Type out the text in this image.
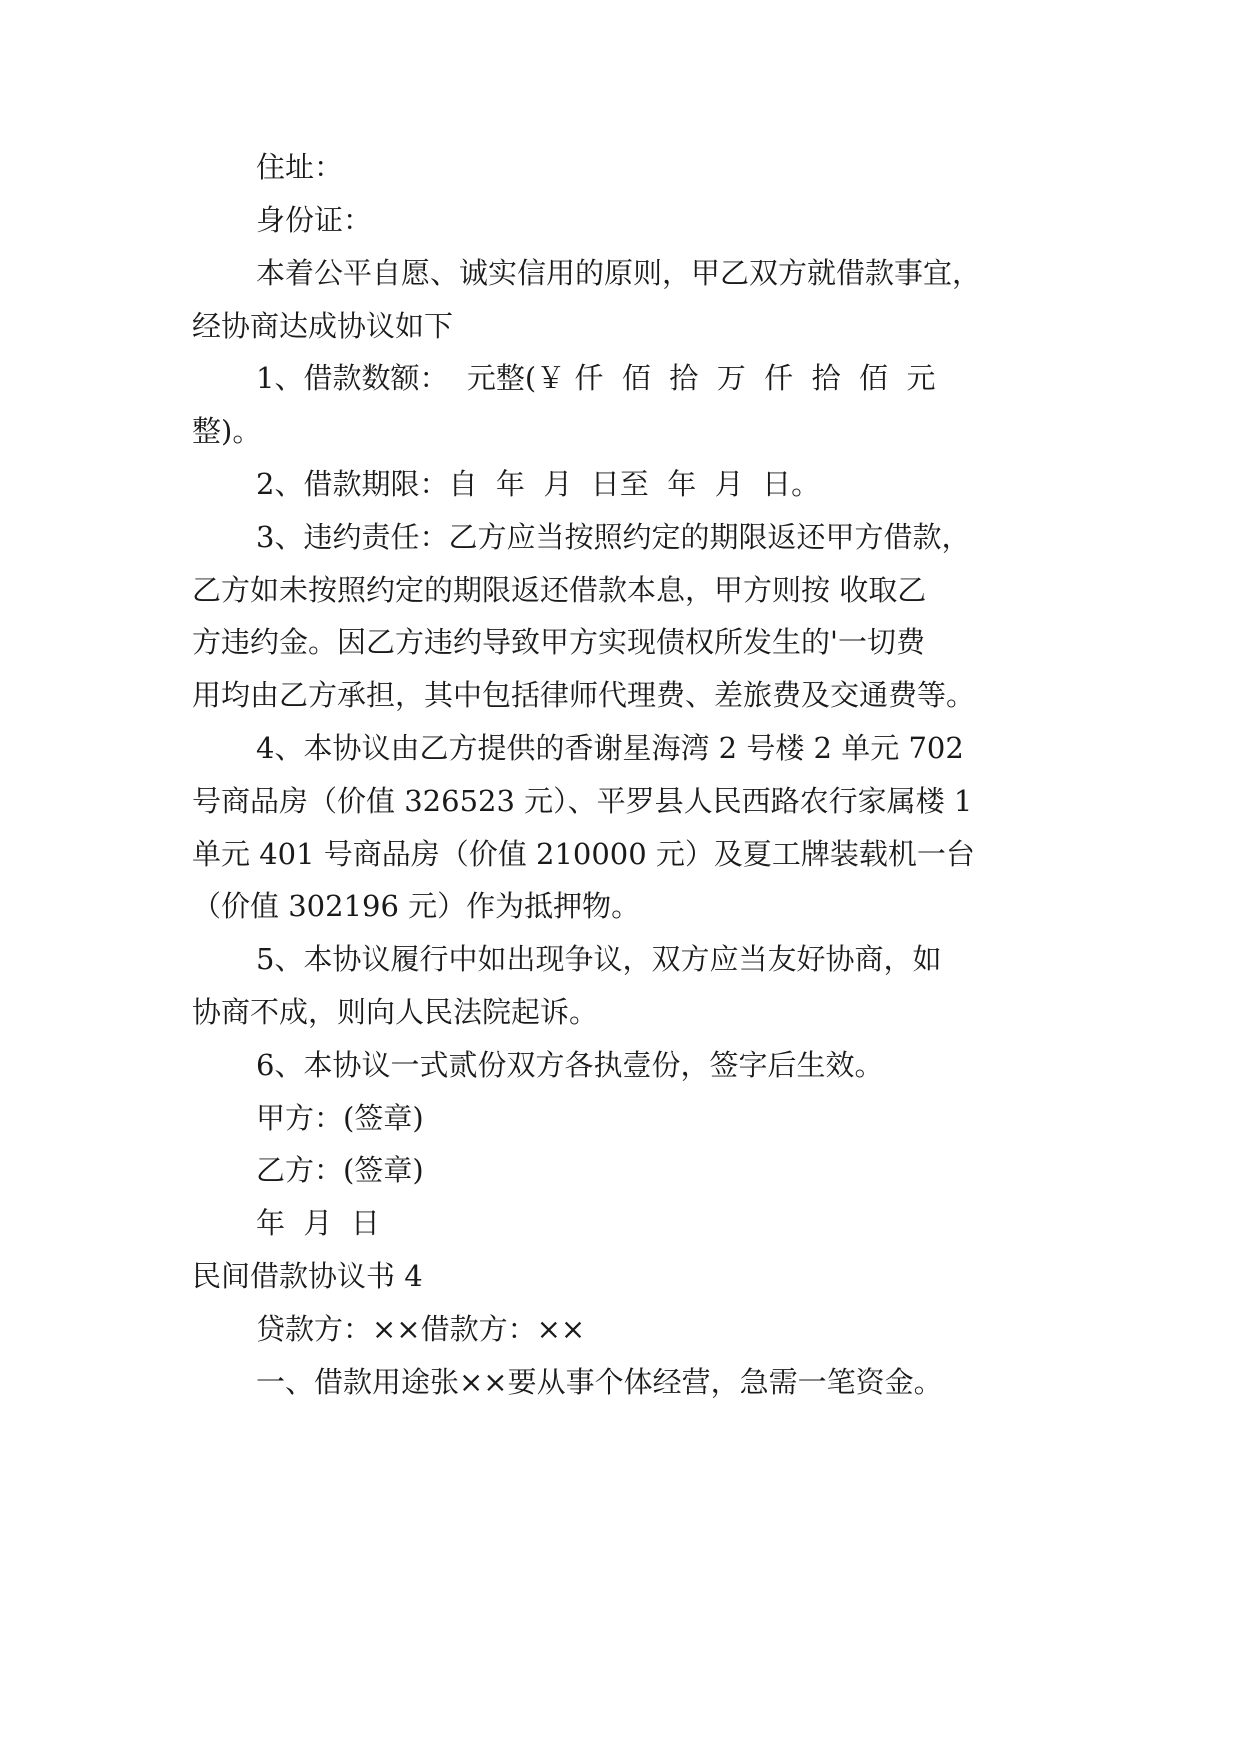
住址：
身份证：
本着公平自愿、诚实信用的原则，甲乙双方就借款事宜，
经协商达成协议如下
1、借款数额：  元整(￥ 仟  佰  拾  万  仟  拾  佰  元
整)。
2、借款期限：自  年  月  日至  年  月  日。
3、违约责任：乙方应当按照约定的期限返还甲方借款，
乙方如未按照约定的期限返还借款本息，甲方则按 收取乙
方违约金。因乙方违约导致甲方实现债权所发生的'一切费
用均由乙方承担，其中包括律师代理费、差旅费及交通费等。
4、本协议由乙方提供的香谢星海湾 2 号楼 2 单元 702
号商品房（价值 326523 元）、平罗县人民西路农行家属楼 1
单元 401 号商品房（价值 210000 元）及夏工牌装载机一台
（价值 302196 元）作为抵押物。
5、本协议履行中如出现争议，双方应当友好协商，如
协商不成，则向人民法院起诉。
6、本协议一式贰份双方各执壹份，签字后生效。
甲方：(签章)
乙方：(签章)
年  月  日
民间借款协议书 4
贷款方：××借款方：××
一、借款用途张××要从事个体经营，急需一笔资金。
